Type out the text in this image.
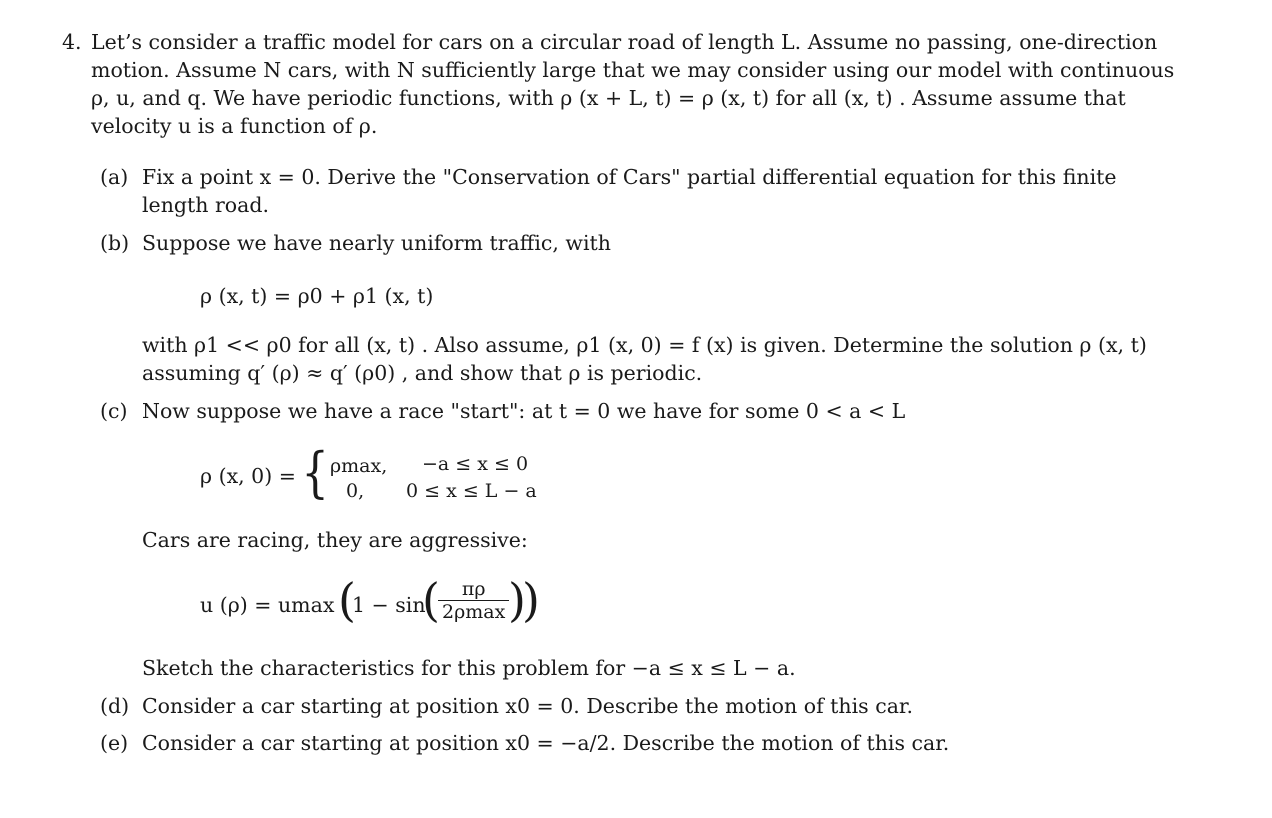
4. Let’s consider a traffic model for cars on a circular road of length L. Assume no passing, one-direction
motion. Assume N cars, with N sufficiently large that we may consider using our model with continuous
ρ, u, and q. We have periodic functions, with ρ (x + L, t) = ρ (x, t) for all (x, t) . Assume assume that
velocity u is a function of ρ.
(a) Fix a point x = 0. Derive the "Conservation of Cars" partial differential equation for this finite
length road.
(b) Suppose we have nearly uniform traffic, with
ρ (x, t) = ρ0 + ρ1 (x, t)
with ρ1 << ρ0 for all (x, t) . Also assume, ρ1 (x, 0) = f (x) is given. Determine the solution ρ (x, t)
assuming q′ (ρ) ≈ q′ (ρ0) , and show that ρ is periodic.
(c) Now suppose we have a race "start": at t = 0 we have for some 0 < a < L
ρ (x, 0) = { ρmax, −a ≤ x ≤ 0
0, 0 ≤ x ≤ L − a
Cars are racing, they are aggressive:
u (ρ) = umax (
1 − sin
( πρ
2ρmax )
)
Sketch the characteristics for this problem for −a ≤ x ≤ L − a.
(d) Consider a car starting at position x0 = 0. Describe the motion of this car.
(e) Consider a car starting at position x0 = −a/2. Describe the motion of this car.
